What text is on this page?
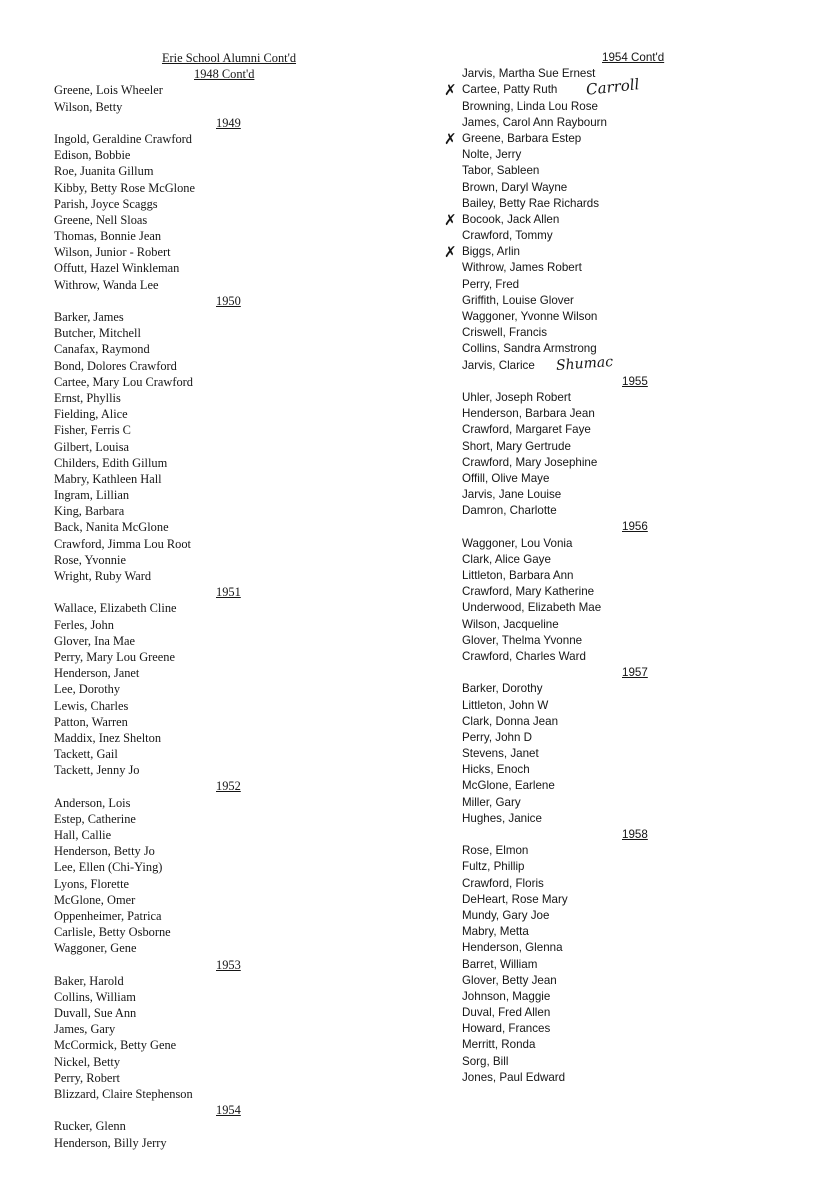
Erie School Alumni Cont'd
1948 Cont'd
Greene, Lois Wheeler
Wilson, Betty
1949
Ingold, Geraldine Crawford
Edison, Bobbie
Roe, Juanita Gillum
Kibby, Betty Rose McGlone
Parish, Joyce Scaggs
Greene, Nell Sloas
Thomas, Bonnie Jean
Wilson, Junior - Robert
Offutt, Hazel Winkleman
Withrow, Wanda Lee
1950
Barker, James
Butcher, Mitchell
Canafax, Raymond
Bond, Dolores Crawford
Cartee, Mary Lou Crawford
Ernst, Phyllis
Fielding, Alice
Fisher, Ferris C
Gilbert, Louisa
Childers, Edith Gillum
Mabry, Kathleen Hall
Ingram, Lillian
King, Barbara
Back, Nanita McGlone
Crawford, Jimma Lou Root
Rose, Yvonnie
Wright, Ruby Ward
1951
Wallace, Elizabeth Cline
Ferles, John
Glover, Ina Mae
Perry, Mary Lou Greene
Henderson, Janet
Lee, Dorothy
Lewis, Charles
Patton, Warren
Maddix, Inez Shelton
Tackett, Gail
Tackett, Jenny Jo
1952
Anderson, Lois
Estep, Catherine
Hall, Callie
Henderson, Betty Jo
Lee, Ellen (Chi-Ying)
Lyons, Florette
McGlone, Omer
Oppenheimer, Patrica
Carlisle, Betty Osborne
Waggoner, Gene
1953
Baker, Harold
Collins, William
Duvall, Sue Ann
James, Gary
McCormick, Betty Gene
Nickel, Betty
Perry, Robert
Blizzard, Claire Stephenson
1954
Rucker, Glenn
Henderson, Billy Jerry
1954 Cont'd
Jarvis, Martha Sue Ernest
Cartee, Patty Ruth
✗	Carroll
Browning, Linda Lou Rose
James, Carol Ann Raybourn
Greene, Barbara Estep
✗
Nolte, Jerry
Tabor, Sableen
Brown, Daryl Wayne
Bailey, Betty Rae Richards
Bocook, Jack Allen
✗
Crawford, Tommy
Biggs, Arlin
✗
Withrow, James Robert
Perry, Fred
Griffith, Louise Glover
Waggoner, Yvonne Wilson
Criswell, Francis
Collins, Sandra Armstrong
Jarvis, Clarice Shumac
1955
Uhler, Joseph Robert
Henderson, Barbara Jean
Crawford, Margaret Faye
Short, Mary Gertrude
Crawford, Mary Josephine
Offill, Olive Maye
Jarvis, Jane Louise
Damron, Charlotte
1956
Waggoner, Lou Vonia
Clark, Alice Gaye
Littleton, Barbara Ann
Crawford, Mary Katherine
Underwood, Elizabeth Mae
Wilson, Jacqueline
Glover, Thelma Yvonne
Crawford, Charles Ward
1957
Barker, Dorothy
Littleton, John W
Clark, Donna Jean
Perry, John D
Stevens, Janet
Hicks, Enoch
McGlone, Earlene
Miller, Gary
Hughes, Janice
1958
Rose, Elmon
Fultz, Phillip
Crawford, Floris
DeHeart, Rose Mary
Mundy, Gary Joe
Mabry, Metta
Henderson, Glenna
Barret, William
Glover, Betty Jean
Johnson, Maggie
Duval, Fred Allen
Howard, Frances
Merritt, Ronda
Sorg, Bill
Jones, Paul Edward
